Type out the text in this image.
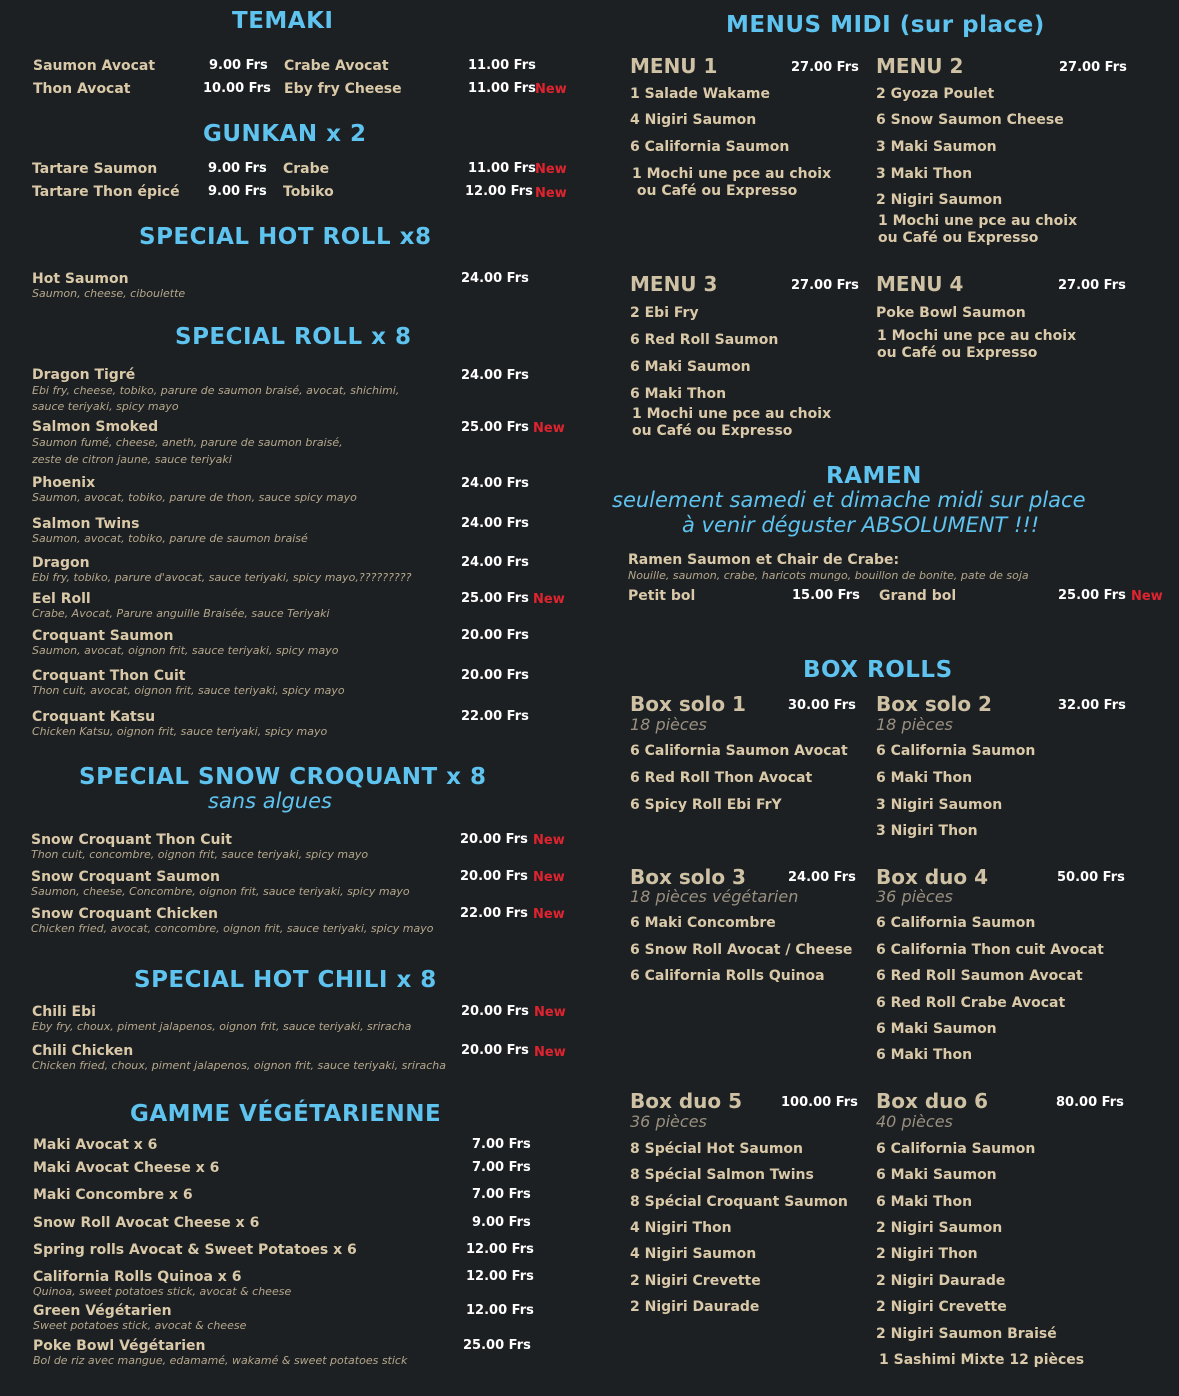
TEMAKI
Saumon Avocat	9.00 Frs
Thon Avocat	10.00 Frs
Crabe Avocat	11.00 Frs
Eby fry Cheese	11.00 Frs New
GUNKAN x 2
Tartare Saumon	9.00 Frs
Tartare Thon épicé 9.00 Frs
Crabe	11.00 Frs New
Tobiko	12.00 Frs New
SPECIAL HOT ROLL x8
Hot Saumon
Saumon, cheese, ciboulette
24.00 Frs
SPECIAL ROLL x 8
Dragon Tigré
Ebi fry, cheese, tobiko, parure de saumon braisé, avocat, shichimi,
sauce teriyaki, spicy mayo
24.00 Frs
Salmon Smoked
Saumon fumé, cheese, aneth, parure de saumon braisé,
zeste de citron jaune, sauce teriyaki
25.00 Frs New
Phoenix
Saumon, avocat, tobiko, parure de thon, sauce spicy mayo
24.00 Frs
Salmon Twins
Saumon, avocat, tobiko, parure de saumon braisé
24.00 Frs
Dragon
Ebi fry, tobiko, parure d'avocat, sauce teriyaki, spicy mayo,?????????
24.00 Frs
Eel Roll
Crabe, Avocat, Parure anguille Braisée, sauce Teriyaki
25.00 Frs New
Croquant Saumon
Saumon, avocat, oignon frit, sauce teriyaki, spicy mayo
20.00 Frs
Croquant Thon Cuit
Thon cuit, avocat, oignon frit, sauce teriyaki, spicy mayo
20.00 Frs
Croquant Katsu
Chicken Katsu, oignon frit, sauce teriyaki, spicy mayo
22.00 Frs
SPECIAL SNOW CROQUANT x 8
sans algues
Snow Croquant Thon Cuit
Thon cuit, concombre, oignon frit, sauce teriyaki, spicy mayo
20.00 Frs New
Snow Croquant Saumon
Saumon, cheese, Concombre, oignon frit, sauce teriyaki, spicy mayo
20.00 Frs New
Snow Croquant Chicken
Chicken fried, avocat, concombre, oignon frit, sauce teriyaki, spicy mayo
22.00 Frs New
SPECIAL HOT CHILI x 8
Chili Ebi
Eby fry, choux, piment jalapenos, oignon frit, sauce teriyaki, sriracha
20.00 Frs New
Chili Chicken
Chicken fried, choux, piment jalapenos, oignon frit, sauce teriyaki, sriracha
20.00 Frs New
GAMME VÉGÉTARIENNE
Maki Avocat x 6	7.00 Frs
Maki Avocat Cheese x 6	7.00 Frs
Maki Concombre x 6	7.00 Frs
Snow Roll Avocat Cheese x 6	9.00 Frs
Spring rolls Avocat & Sweet Potatoes x 6	12.00 Frs
California Rolls Quinoa x 6
Quinoa, sweet potatoes stick, avocat & cheese
12.00 Frs
Green Végétarien
Sweet potatoes stick, avocat & cheese
12.00 Frs
Poke Bowl Végétarien
Bol de riz avec mangue, edamamé, wakamé & sweet potatoes stick
25.00 Frs
MENUS MIDI (sur place)
MENU 1	27.00 Frs
1 Salade Wakame
4 Nigiri Saumon
6 California Saumon
1 Mochi une pce au choix
ou Café ou Expresso
MENU 2	27.00 Frs
2 Gyoza Poulet
6 Snow Saumon Cheese
3 Maki Saumon
3 Maki Thon
2 Nigiri Saumon
1 Mochi une pce au choix
ou Café ou Expresso
MENU 3	27.00 Frs
2 Ebi Fry
6 Red Roll Saumon
6 Maki Saumon
6 Maki Thon
1 Mochi une pce au choix
ou Café ou Expresso
MENU 4	27.00 Frs
Poke Bowl Saumon
1 Mochi une pce au choix
ou Café ou Expresso
RAMEN
seulement samedi et dimache midi sur place
à venir déguster ABSOLUMENT !!!
Ramen Saumon et Chair de Crabe:
Nouille, saumon, crabe, haricots mungo, bouillon de bonite, pate de soja
Petit bol	15.00 Frs Grand bol	25.00 Frs New
BOX ROLLS
Box solo 1
18 pièces
30.00 Frs
6 California Saumon Avocat
6 Red Roll Thon Avocat
6 Spicy Roll Ebi FrY
Box solo 2
18 pièces
32.00 Frs
6 California Saumon
6 Maki Thon
3 Nigiri Saumon
3 Nigiri Thon
Box solo 3
18 pièces végétarien
24.00 Frs
6 Maki Concombre
6 Snow Roll Avocat / Cheese
6 California Rolls Quinoa
Box duo 4
36 pièces
50.00 Frs
6 California Saumon
6 California Thon cuit Avocat
6 Red Roll Saumon Avocat
6 Red Roll Crabe Avocat
6 Maki Saumon
6 Maki Thon
Box duo 5
36 pièces
100.00 Frs
8 Spécial Hot Saumon
8 Spécial Salmon Twins
8 Spécial Croquant Saumon
4 Nigiri Thon
4 Nigiri Saumon
2 Nigiri Crevette
2 Nigiri Daurade
Box duo 6
40 pièces
80.00 Frs
6 California Saumon
6 Maki Saumon
6 Maki Thon
2 Nigiri Saumon
2 Nigiri Thon
2 Nigiri Daurade
2 Nigiri Crevette
2 Nigiri Saumon Braisé
1 Sashimi Mixte 12 pièces
